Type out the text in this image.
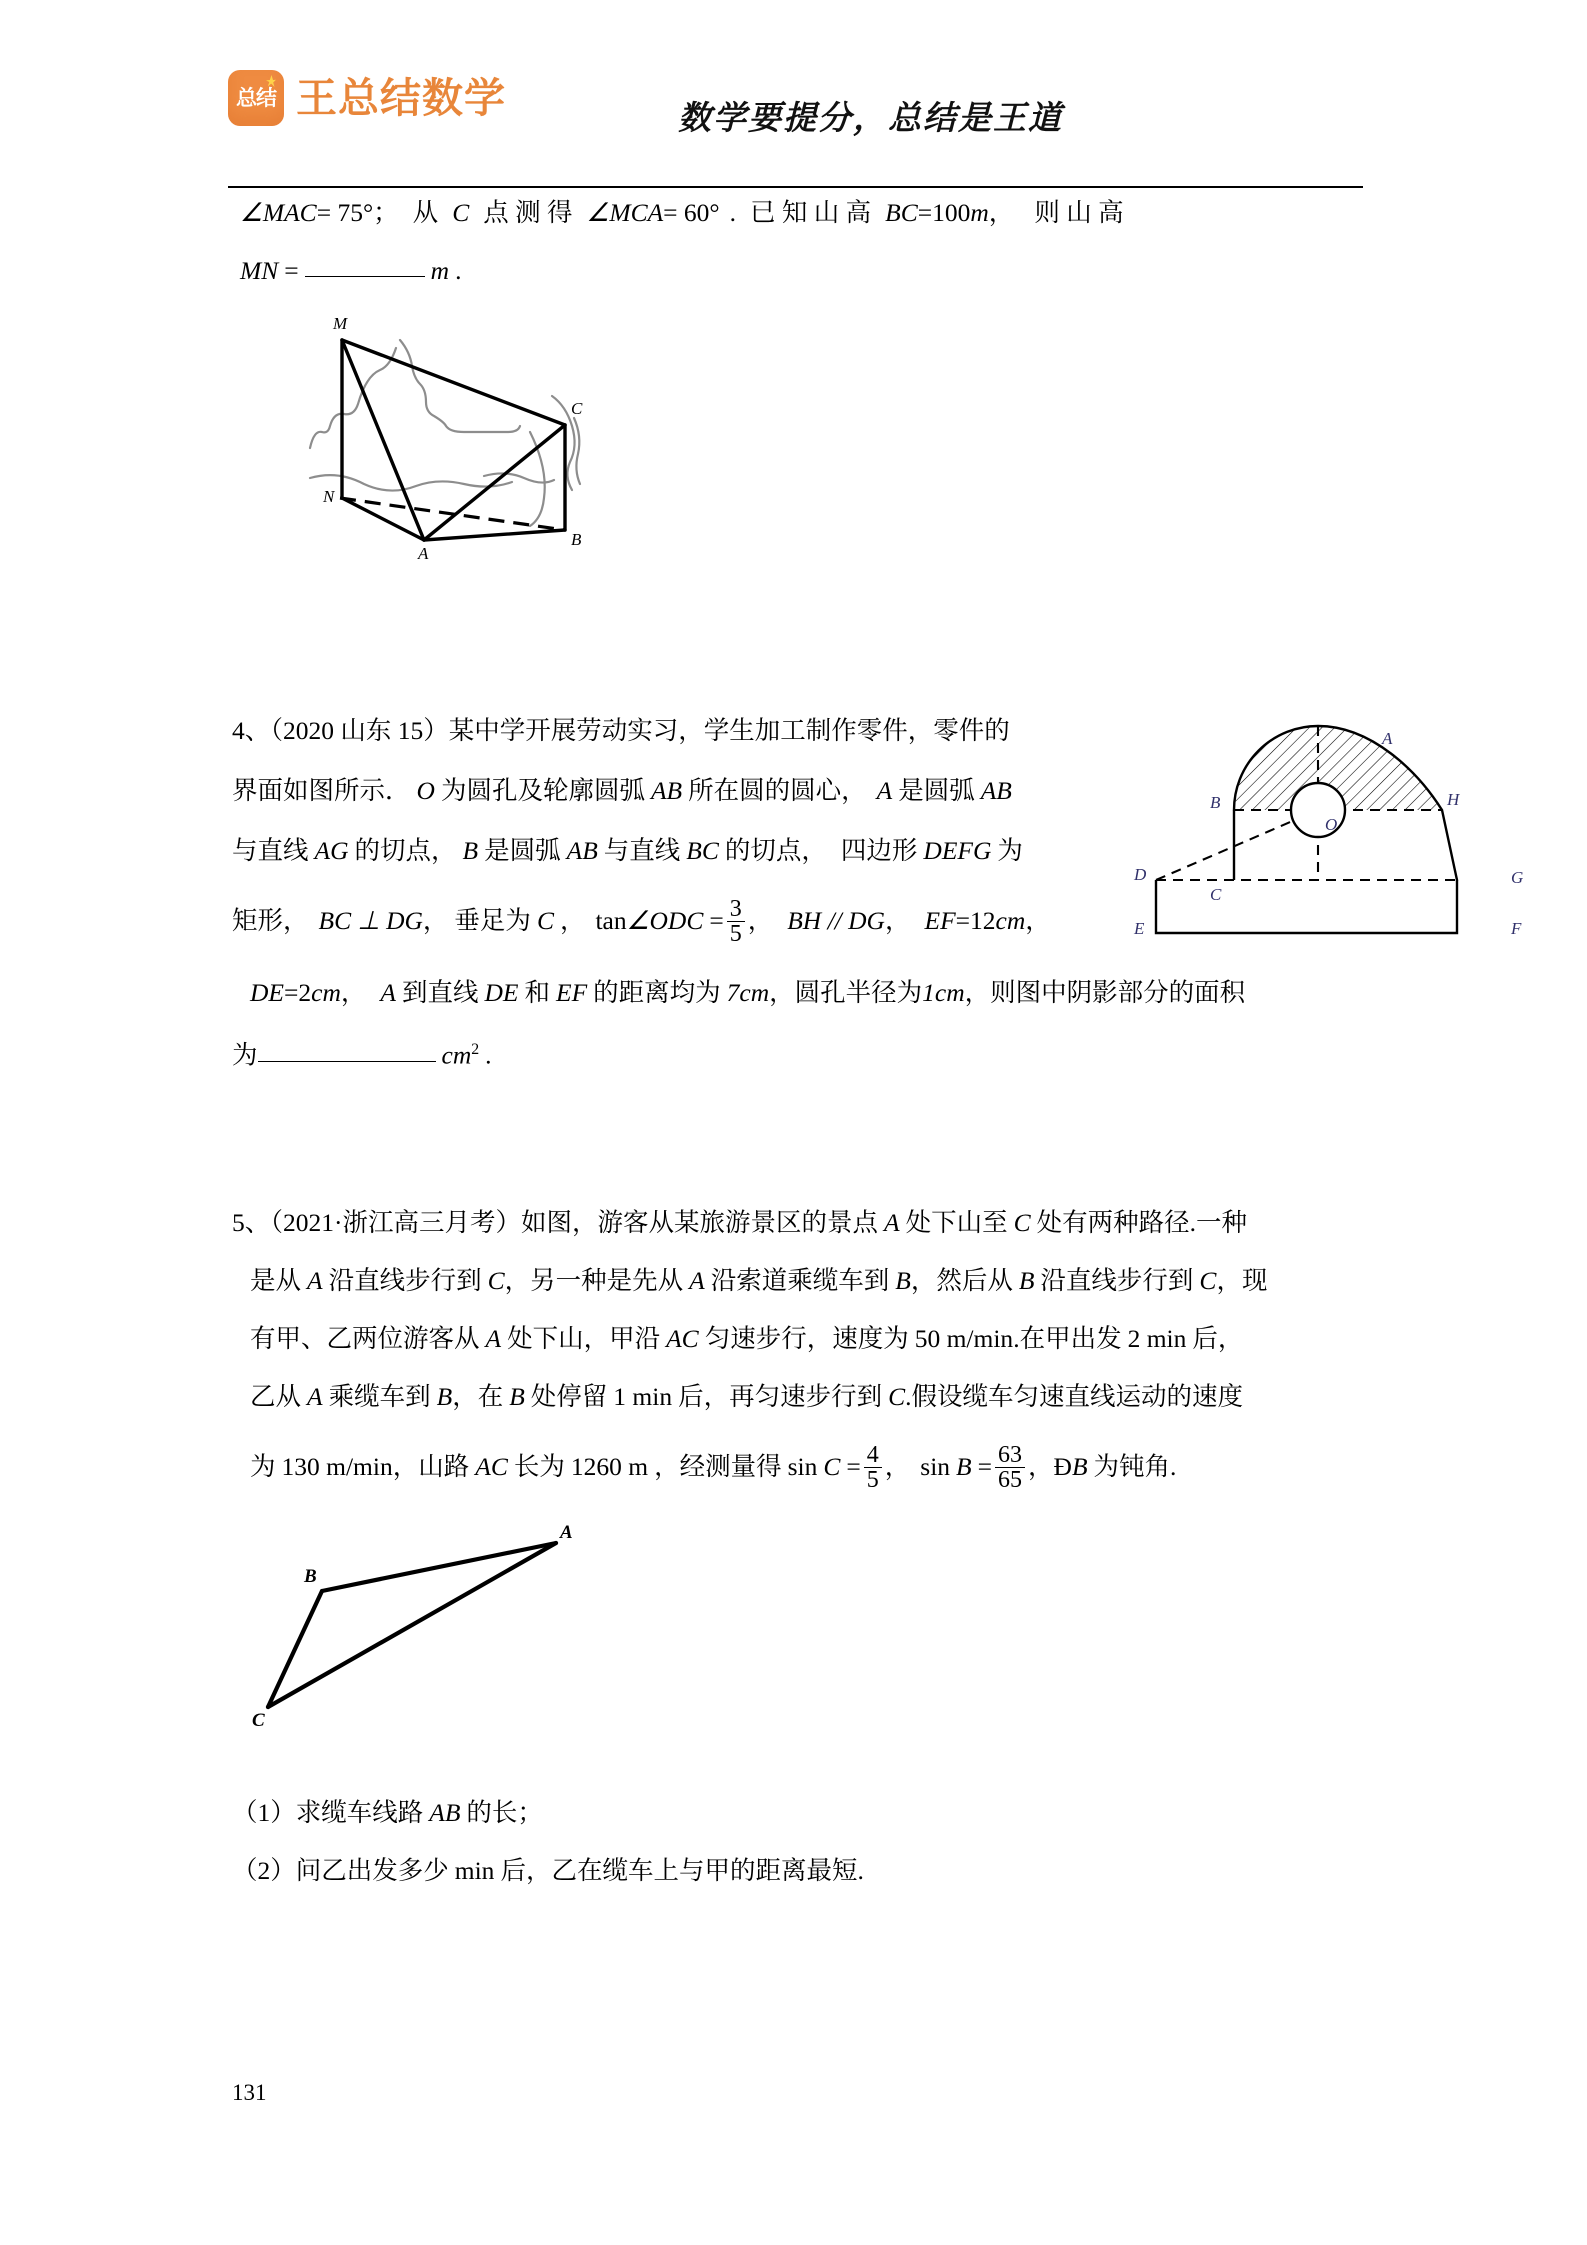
总结 王总结数学	数学要提分，总结是王道
∠MAC= 75°； 从 C 点 测 得 ∠MCA= 60° . 已 知 山 高 BC=100m， 则 山 高
MN =	m .
M
C
N
A
B
4、（2020 山东 15）某中学开展劳动实习，学生加工制作零件，零件的
界面如图所示． O 为圆孔及轮廓圆弧 AB 所在圆的圆心， A 是圆弧 AB
与直线 AG 的切点， B 是圆弧 AB 与直线 BC 的切点， 四边形 DEFG 为
矩形， BC ⊥ DG， 垂足为 C ， tan∠ODC = $\frac{3}{5}$ ， BH // DG， EF=12cm，
DE=2cm， A 到直线 DE 和 EF 的距离均为 7cm，圆孔半径为1cm，则图中阴影部分的面积
为	$cm^2$ .
A
B
O
H
D
C
G
E	F
5、（2021·浙江高三月考）如图，游客从某旅游景区的景点 A 处下山至 C 处有两种路径.一种
是从 A 沿直线步行到 C，另一种是先从 A 沿索道乘缆车到 B，然后从 B 沿直线步行到 C，现
有甲、乙两位游客从 A 处下山，甲沿 AC 匀速步行，速度为 50 m/min.在甲出发 2 min 后，
乙从 A 乘缆车到 B，在 B 处停留 1 min 后，再匀速步行到 C.假设缆车匀速直线运动的速度
为 130 m/min，山路 AC 长为 1260 m ，经测量得 $\sin C = \frac{4}{5}$ ， $\sin B = \frac{63}{65}$ ，ÐB 为钝角.
A
B
C
（1）求缆车线路 AB 的长；
（2）问乙出发多少 min 后，乙在缆车上与甲的距离最短.
131
